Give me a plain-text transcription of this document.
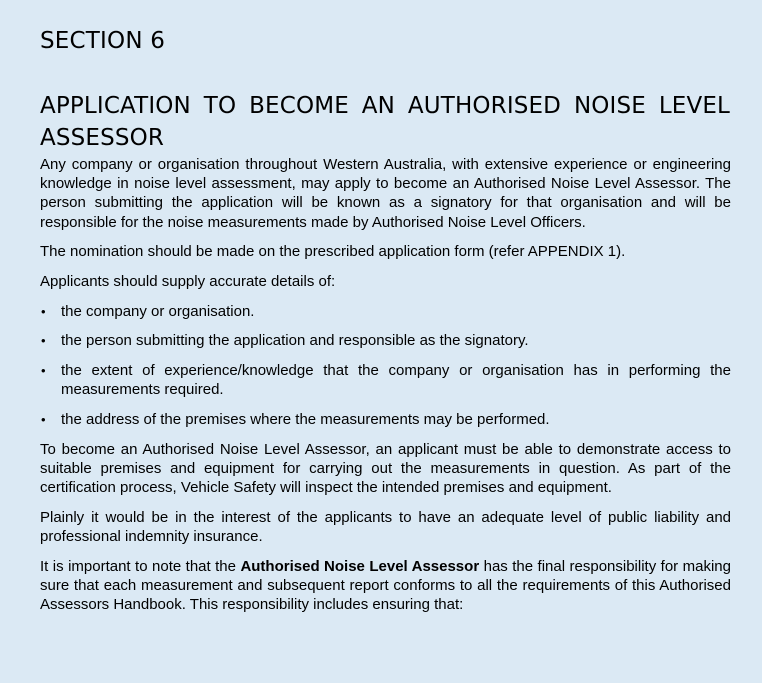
SECTION 6
APPLICATION TO BECOME AN AUTHORISED NOISE LEVEL ASSESSOR

Any company or organisation throughout Western Australia, with extensive experience or engineering knowledge in noise level assessment, may apply to become an Authorised Noise Level Assessor. The person submitting the application will be known as a signatory for that organisation and will be responsible for the noise measurements made by Authorised Noise Level Officers.

The nomination should be made on the prescribed application form (refer APPENDIX 1).

Applicants should supply accurate details of:

• the company or organisation.
• the person submitting the application and responsible as the signatory.
• the extent of experience/knowledge that the company or organisation has in performing the measurements required.
• the address of the premises where the measurements may be performed.

To become an Authorised Noise Level Assessor, an applicant must be able to demonstrate access to suitable premises and equipment for carrying out the measurements in question. As part of the certification process, Vehicle Safety will inspect the intended premises and equipment.

Plainly it would be in the interest of the applicants to have an adequate level of public liability and professional indemnity insurance.

It is important to note that the Authorised Noise Level Assessor has the final responsibility for making sure that each measurement and subsequent report conforms to all the requirements of this Authorised Assessors Handbook. This responsibility includes ensuring that:
